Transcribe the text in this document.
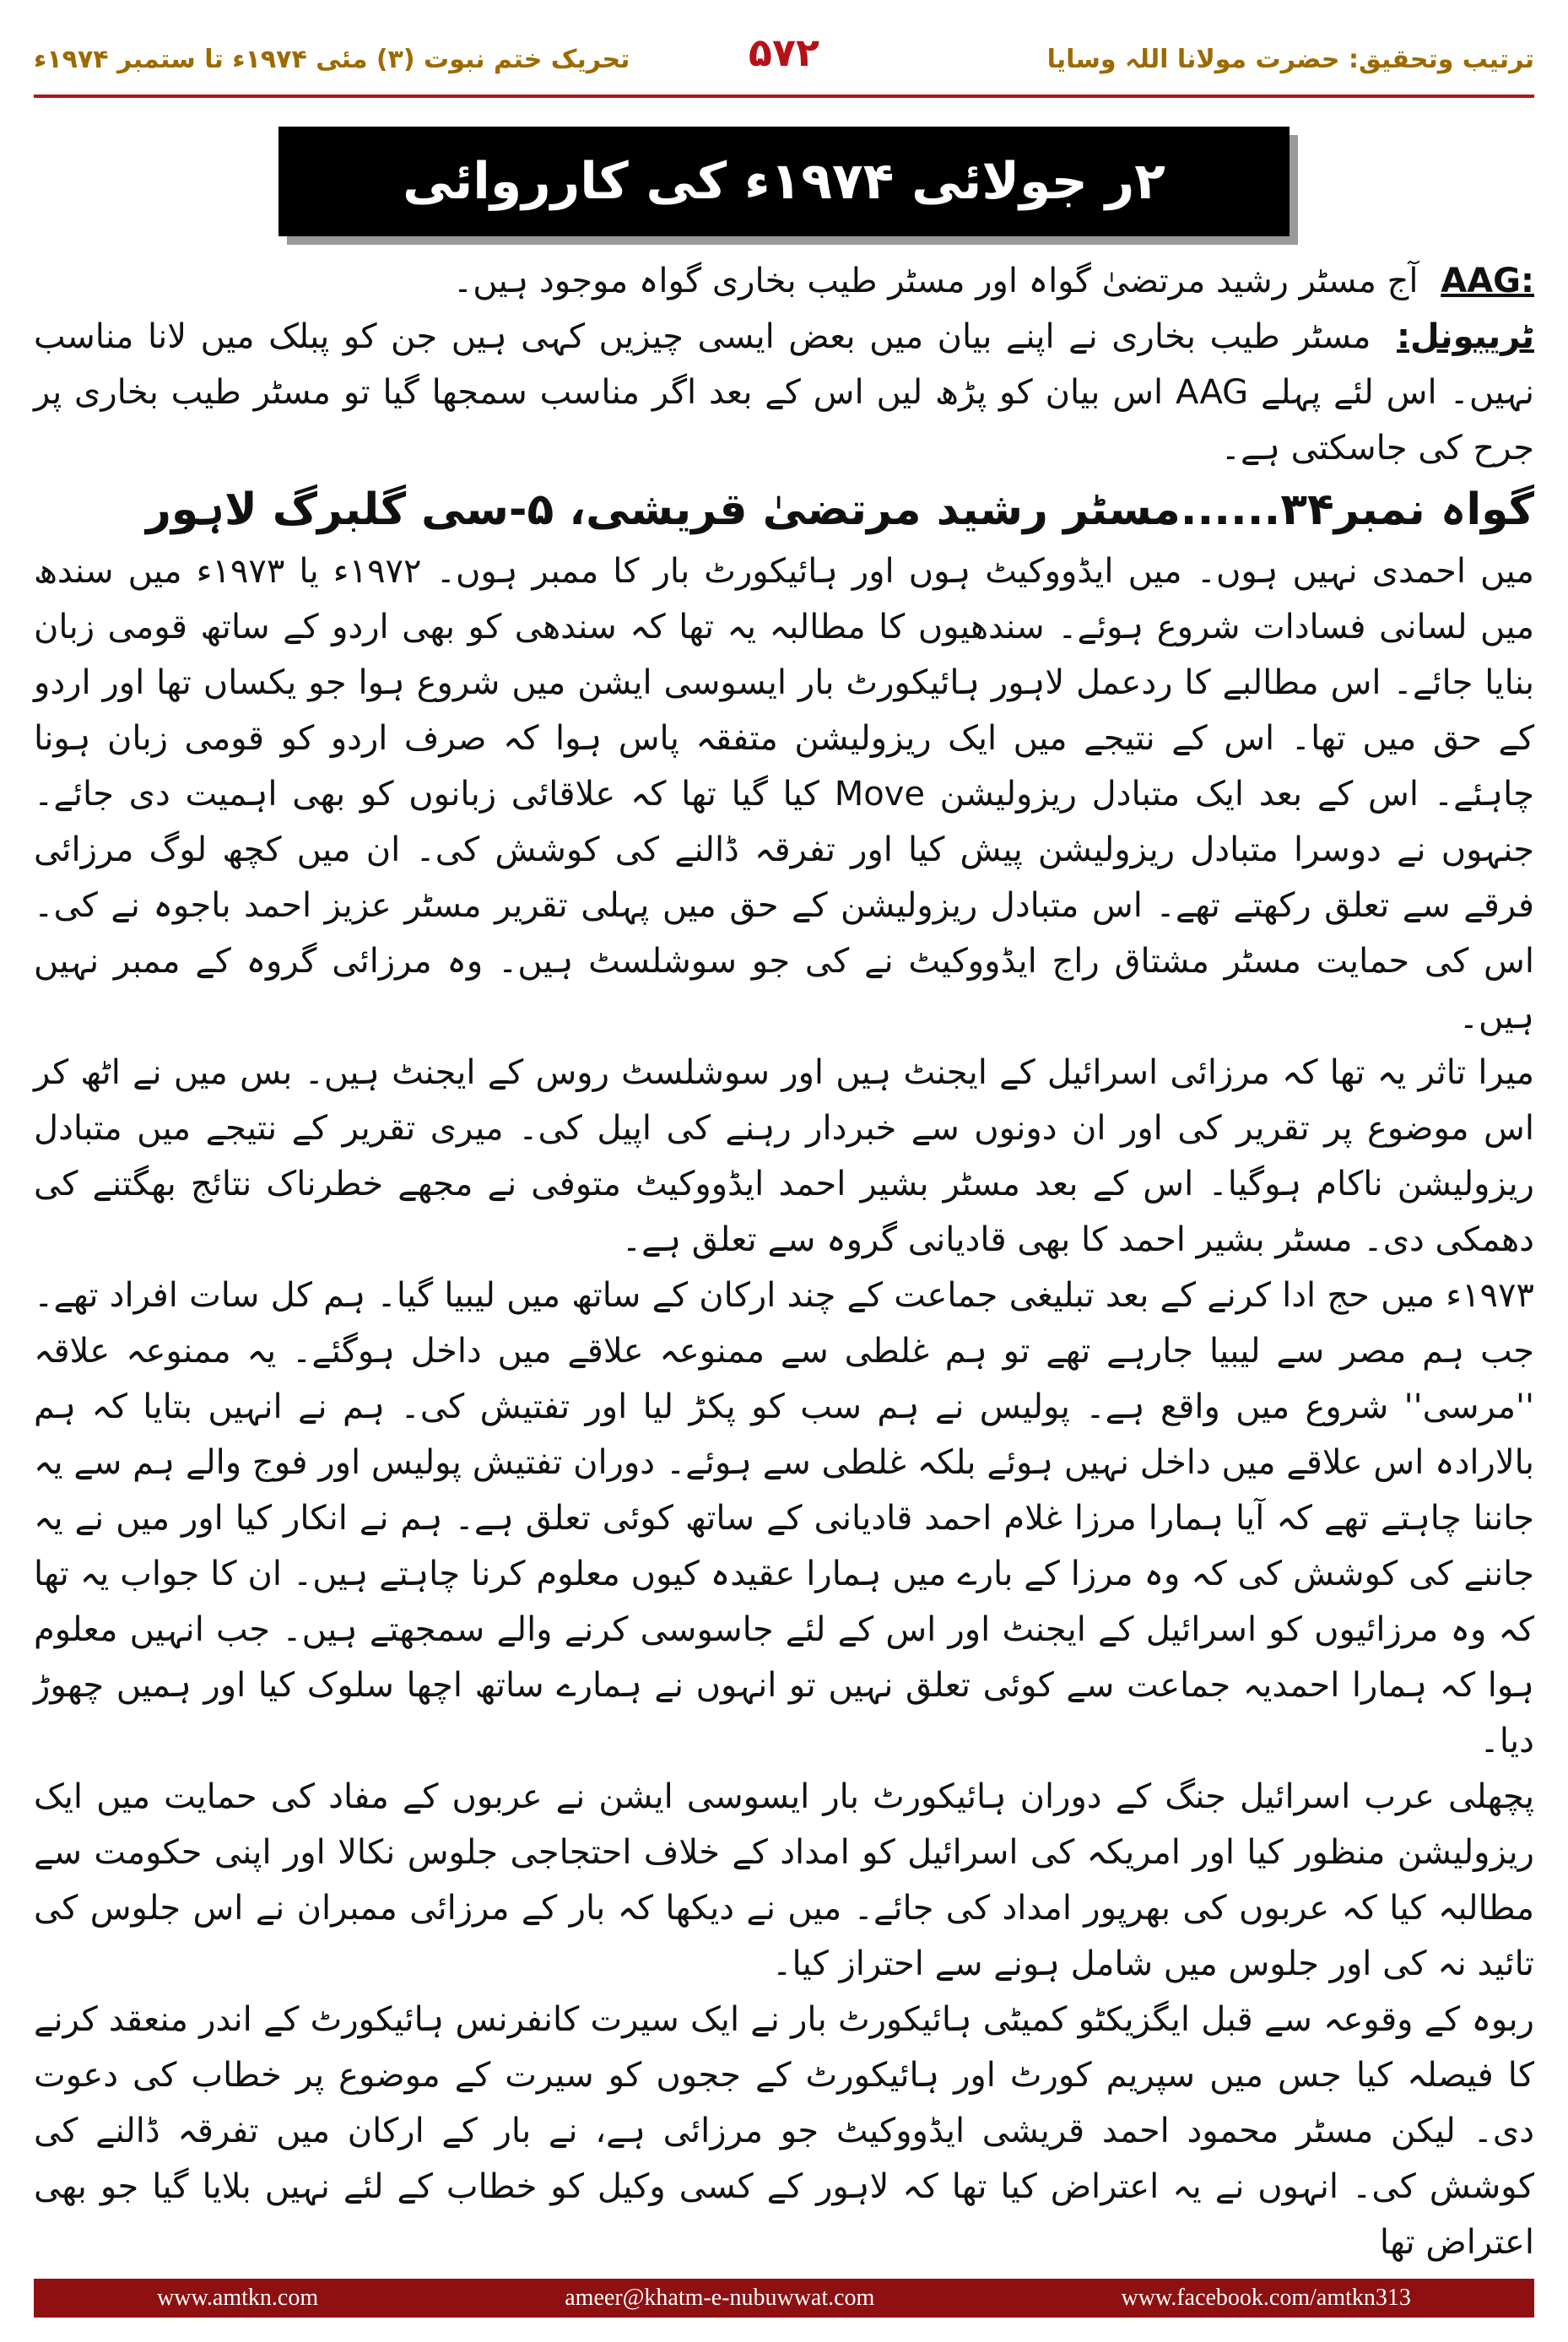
تحریک ختم نبوت (۳) مئی ۱۹۷۴ء تا ستمبر ۱۹۷۴ء	۵۷۲	ترتیب وتحقیق: حضرت مولانا اللہ وسایا
۲ر جولائی ۱۹۷۴ء کی کارروائی

AAG: آج مسٹر رشید مرتضیٰ گواہ اور مسٹر طیب بخاری گواہ موجود ہیں۔

ٹریبونل: مسٹر طیب بخاری نے اپنے بیان میں بعض ایسی چیزیں کہی ہیں جن کو پبلک میں لانا مناسب نہیں۔ اس لئے پہلے AAG اس بیان کو پڑھ لیں اس کے بعد اگر مناسب سمجھا گیا تو مسٹر طیب بخاری پر جرح کی جاسکتی ہے۔

گواہ نمبر۳۴......مسٹر رشید مرتضیٰ قریشی، ۵-سی گلبرگ لاہور

میں احمدی نہیں ہوں۔ میں ایڈووکیٹ ہوں اور ہائیکورٹ بار کا ممبر ہوں۔ ۱۹۷۲ء یا ۱۹۷۳ء میں سندھ میں لسانی فسادات شروع ہوئے۔ سندھیوں کا مطالبہ یہ تھا کہ سندھی کو بھی اردو کے ساتھ قومی زبان بنایا جائے۔ اس مطالبے کا ردعمل لاہور ہائیکورٹ بار ایسوسی ایشن میں شروع ہوا جو یکساں تھا اور اردو کے حق میں تھا۔ اس کے نتیجے میں ایک ریزولیشن متفقہ پاس ہوا کہ صرف اردو کو قومی زبان ہونا چاہئے۔ اس کے بعد ایک متبادل ریزولیشن Move کیا گیا تھا کہ علاقائی زبانوں کو بھی اہمیت دی جائے۔ جنہوں نے دوسرا متبادل ریزولیشن پیش کیا اور تفرقہ ڈالنے کی کوشش کی۔ ان میں کچھ لوگ مرزائی فرقے سے تعلق رکھتے تھے۔ اس متبادل ریزولیشن کے حق میں پہلی تقریر مسٹر عزیز احمد باجوہ نے کی۔ اس کی حمایت مسٹر مشتاق راج ایڈووکیٹ نے کی جو سوشلسٹ ہیں۔ وہ مرزائی گروہ کے ممبر نہیں ہیں۔

میرا تاثر یہ تھا کہ مرزائی اسرائیل کے ایجنٹ ہیں اور سوشلسٹ روس کے ایجنٹ ہیں۔ بس میں نے اٹھ کر اس موضوع پر تقریر کی اور ان دونوں سے خبردار رہنے کی اپیل کی۔ میری تقریر کے نتیجے میں متبادل ریزولیشن ناکام ہوگیا۔ اس کے بعد مسٹر بشیر احمد ایڈووکیٹ متوفی نے مجھے خطرناک نتائج بھگتنے کی دھمکی دی۔ مسٹر بشیر احمد کا بھی قادیانی گروہ سے تعلق ہے۔

۱۹۷۳ء میں حج ادا کرنے کے بعد تبلیغی جماعت کے چند ارکان کے ساتھ میں لیبیا گیا۔ ہم کل سات افراد تھے۔ جب ہم مصر سے لیبیا جارہے تھے تو ہم غلطی سے ممنوعہ علاقے میں داخل ہوگئے۔ یہ ممنوعہ علاقہ ''مرسی'' شروع میں واقع ہے۔ پولیس نے ہم سب کو پکڑ لیا اور تفتیش کی۔ ہم نے انہیں بتایا کہ ہم بالارادہ اس علاقے میں داخل نہیں ہوئے بلکہ غلطی سے ہوئے۔ دوران تفتیش پولیس اور فوج والے ہم سے یہ جاننا چاہتے تھے کہ آیا ہمارا مرزا غلام احمد قادیانی کے ساتھ کوئی تعلق ہے۔ ہم نے انکار کیا اور میں نے یہ جاننے کی کوشش کی کہ وہ مرزا کے بارے میں ہمارا عقیدہ کیوں معلوم کرنا چاہتے ہیں۔ ان کا جواب یہ تھا کہ وہ مرزائیوں کو اسرائیل کے ایجنٹ اور اس کے لئے جاسوسی کرنے والے سمجھتے ہیں۔ جب انہیں معلوم ہوا کہ ہمارا احمدیہ جماعت سے کوئی تعلق نہیں تو انہوں نے ہمارے ساتھ اچھا سلوک کیا اور ہمیں چھوڑ دیا۔

پچھلی عرب اسرائیل جنگ کے دوران ہائیکورٹ بار ایسوسی ایشن نے عربوں کے مفاد کی حمایت میں ایک ریزولیشن منظور کیا اور امریکہ کی اسرائیل کو امداد کے خلاف احتجاجی جلوس نکالا اور اپنی حکومت سے مطالبہ کیا کہ عربوں کی بھرپور امداد کی جائے۔ میں نے دیکھا کہ بار کے مرزائی ممبران نے اس جلوس کی تائید نہ کی اور جلوس میں شامل ہونے سے احتراز کیا۔

ربوہ کے وقوعہ سے قبل ایگزیکٹو کمیٹی ہائیکورٹ بار نے ایک سیرت کانفرنس ہائیکورٹ کے اندر منعقد کرنے کا فیصلہ کیا جس میں سپریم کورٹ اور ہائیکورٹ کے ججوں کو سیرت کے موضوع پر خطاب کی دعوت دی۔ لیکن مسٹر محمود احمد قریشی ایڈووکیٹ جو مرزائی ہے، نے بار کے ارکان میں تفرقہ ڈالنے کی کوشش کی۔ انہوں نے یہ اعتراض کیا تھا کہ لاہور کے کسی وکیل کو خطاب کے لئے نہیں بلایا گیا جو بھی اعتراض تھا

www.amtkn.com	ameer@khatm-e-nubuwwat.com	www.facebook.com/amtkn313
